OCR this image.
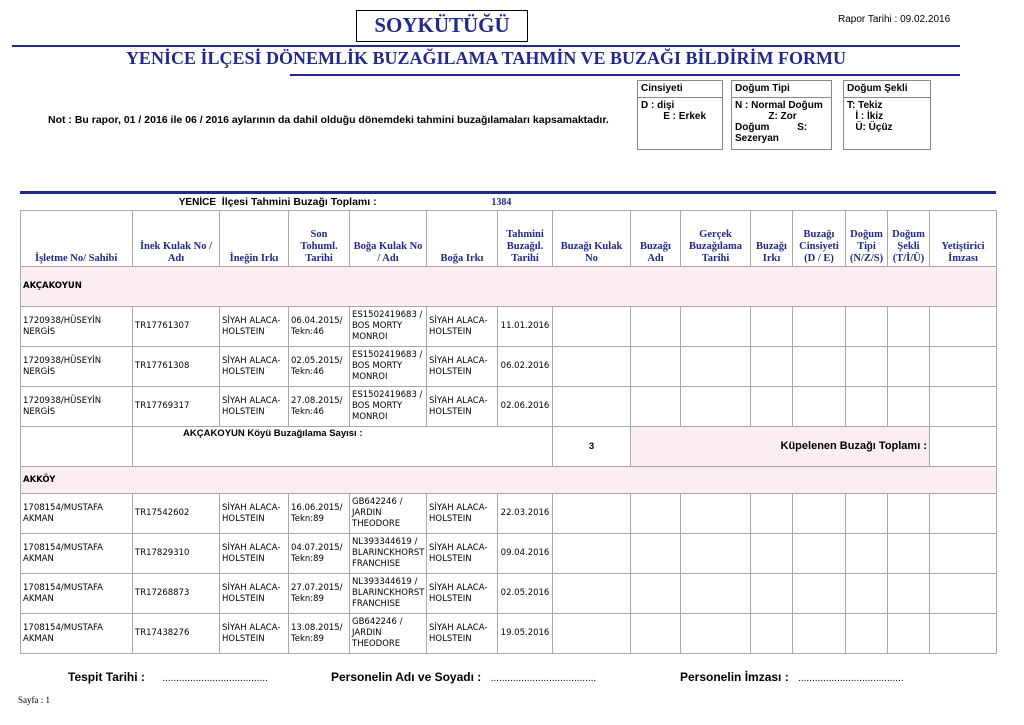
SOYKÜTÜĞÜ	Rapor Tarihi : 09.02.2016
YENİCE İLÇESİ DÖNEMLİK BUZAĞILAMA TAHMİN VE BUZAĞI BİLDİRİM FORMU
Not : Bu rapor, 01 / 2016 ile 06 / 2016 aylarının da dahil olduğu dönemdeki tahmini buzağılamaları kapsamaktadır.
Cinsiyeti
D : dişi
E : Erkek
Doğum Tipi
N : Normal Doğum
Z: Zor
Doğum          S:
Sezeryan
Doğum Şekli
T: Tekiz
İ : İkiz
Ü: Üçüz
YENİCE İlçesi Tahmini Buzağı Toplamı :	1384
İşletme No/ Sahibi	İnek Kulak No / Adı	İneğin Irkı	Son Tohuml. Tarihi	Boğa Kulak No / Adı	Boğa Irkı	Tahmini Buzağıl. Tarihi	Buzağı Kulak No	Buzağı Adı	Gerçek Buzağılama Tarihi	Buzağı Irkı	Buzağı Cinsiyeti (D / E)	Doğum Tipi (N/Z/S)	Doğum Şekli (T/İ/Ü)	Yetiştirici İmzası
AKÇAKOYUN														
1720938/HÜSEYİN NERGİS	TR17761307	SİYAH ALACA-HOLSTEIN	06.04.2015/ Tekn:46	ES1502419683 / BOS MORTY MONROI	SİYAH ALACA-HOLSTEIN	11.01.2016								
1720938/HÜSEYİN NERGİS	TR17761308	SİYAH ALACA-HOLSTEIN	02.05.2015/ Tekn:46	ES1502419683 / BOS MORTY MONROI	SİYAH ALACA-HOLSTEIN	06.02.2016								
1720938/HÜSEYİN NERGİS	TR17769317	SİYAH ALACA-HOLSTEIN	27.08.2015/ Tekn:46	ES1502419683 / BOS MORTY MONROI	SİYAH ALACA-HOLSTEIN	02.06.2016								
	AKÇAKOYUN Köyü Buzağılama Sayısı :						3	Küpelenen Buzağı Toplamı :						
AKKÖY														
1708154/MUSTAFA AKMAN	TR17542602	SİYAH ALACA-HOLSTEIN	16.06.2015/ Tekn:89	GB642246 / JARDIN THEODORE	SİYAH ALACA-HOLSTEIN	22.03.2016								
1708154/MUSTAFA AKMAN	TR17829310	SİYAH ALACA-HOLSTEIN	04.07.2015/ Tekn:89	NL393344619 / BLARINCKHORST FRANCHISE	SİYAH ALACA-HOLSTEIN	09.04.2016								
1708154/MUSTAFA AKMAN	TR17268873	SİYAH ALACA-HOLSTEIN	27.07.2015/ Tekn:89	NL393344619 / BLARINCKHORST FRANCHISE	SİYAH ALACA-HOLSTEIN	02.05.2016								
1708154/MUSTAFA AKMAN	TR17438276	SİYAH ALACA-HOLSTEIN	13.08.2015/ Tekn:89	GB642246 / JARDIN THEODORE	SİYAH ALACA-HOLSTEIN	19.05.2016								
Tespit Tarihi : ......................................	Personelin Adı ve Soyadı : ......................................	Personelin İmzası : ......................................
Sayfa : 1
